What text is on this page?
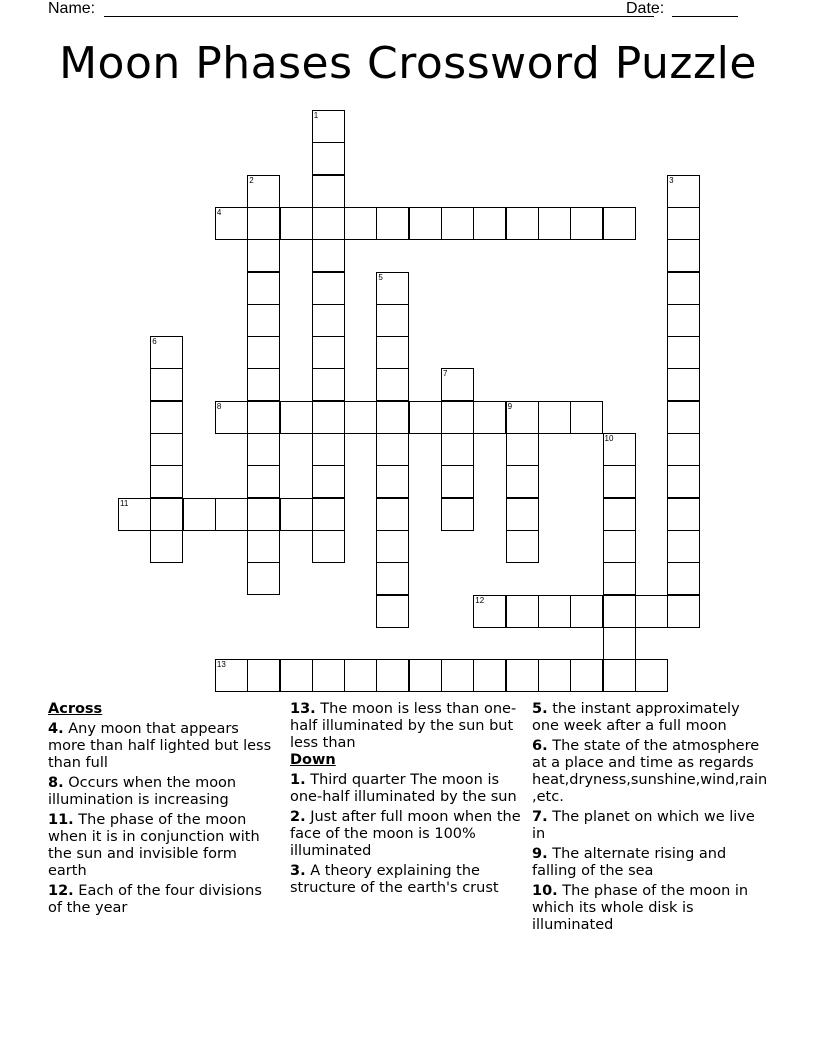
Name:	Date:
Moon Phases Crossword Puzzle
1
2	3
4
5
6
7
8	9
10
11
12
13
Across
4. Any moon that appears more than half lighted but less than full
8. Occurs when the moon illumination is increasing
11. The phase of the moon when it is in conjunction with the sun and invisible form earth
12. Each of the four divisions of the year
13. The moon is less than one-half illuminated by the sun but less than
Down
1. Third quarter The moon is one-half illuminated by the sun
2. Just after full moon when the face of the moon is 100% illuminated
3. A theory explaining the structure of the earth's crust
5. the instant approximately one week after a full moon
6. The state of the atmosphere at a place and time as regards heat,dryness,sunshine,wind,rain,etc.
7. The planet on which we live in
9. The alternate rising and falling of the sea
10. The phase of the moon in which its whole disk is illuminated
